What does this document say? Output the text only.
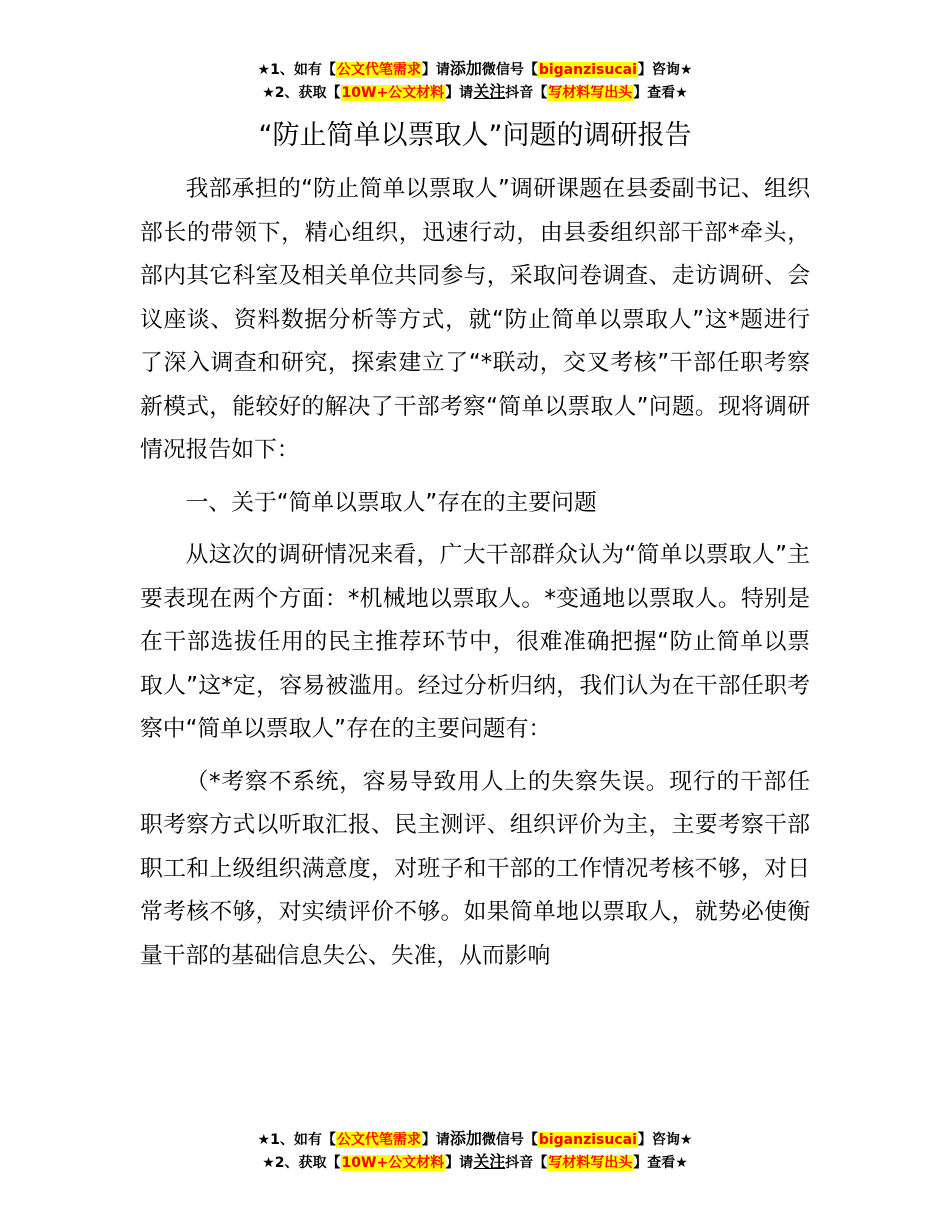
★1、如有【公文代笔需求】请添加微信号【biganzisucai】咨询★
★2、获取【10W+公文材料】请关注抖音【写材料写出头】查看★
“防止简单以票取人”问题的调研报告

我部承担的“防止简单以票取人”调研课题在县委副书记、组织部长的带领下，精心组织，迅速行动，由县委组织部干部*牵头，部内其它科室及相关单位共同参与，采取问卷调查、走访调研、会议座谈、资料数据分析等方式，就“防止简单以票取人”这*题进行了深入调查和研究，探索建立了“*联动，交叉考核”干部任职考察新模式，能较好的解决了干部考察“简单以票取人”问题。现将调研情况报告如下：

一、关于“简单以票取人”存在的主要问题

从这次的调研情况来看，广大干部群众认为“简单以票取人”主要表现在两个方面：*机械地以票取人。*变通地以票取人。特别是在干部选拔任用的民主推荐环节中，很难准确把握“防止简单以票取人”这*定，容易被滥用。经过分析归纳，我们认为在干部任职考察中“简单以票取人”存在的主要问题有：

（*考察不系统，容易导致用人上的失察失误。现行的干部任职考察方式以听取汇报、民主测评、组织评价为主，主要考察干部职工和上级组织满意度，对班子和干部的工作情况考核不够，对日常考核不够，对实绩评价不够。如果简单地以票取人，就势必使衡量干部的基础信息失公、失准，从而影响

★1、如有【公文代笔需求】请添加微信号【biganzisucai】咨询★
★2、获取【10W+公文材料】请关注抖音【写材料写出头】查看★
